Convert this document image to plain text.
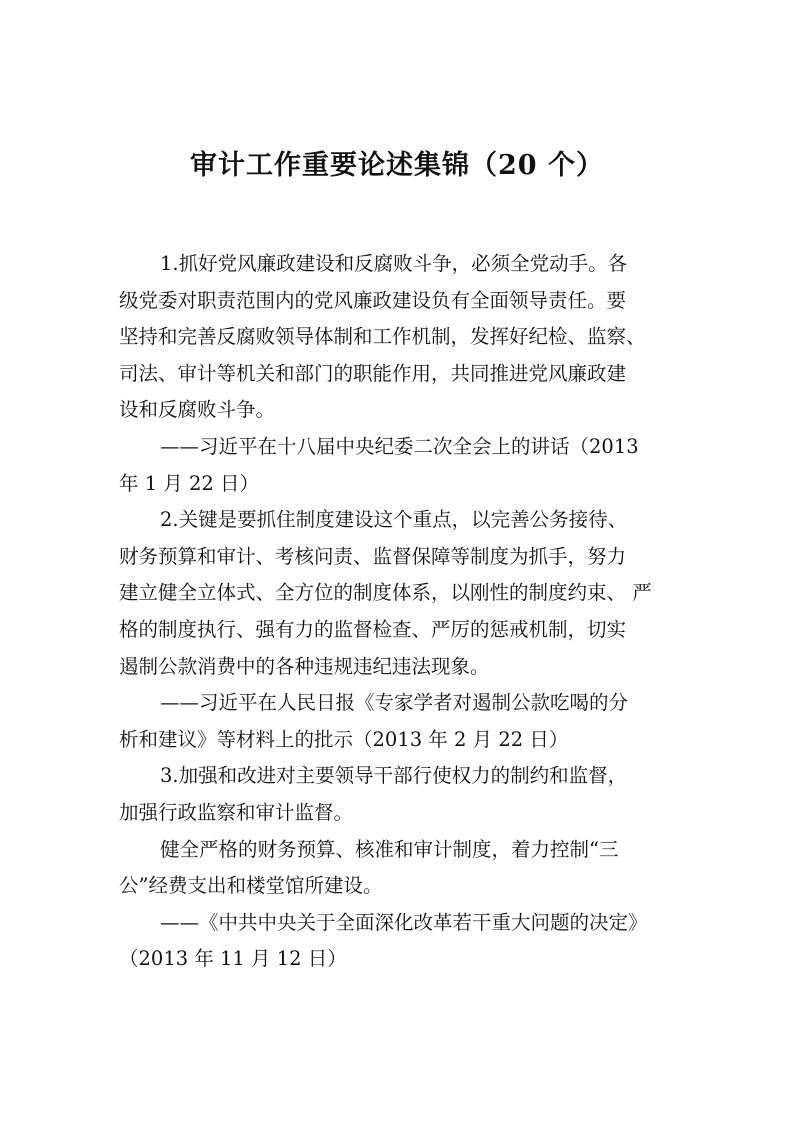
审计工作重要论述集锦（20 个）
1.抓好党风廉政建设和反腐败斗争，必须全党动手。各
级党委对职责范围内的党风廉政建设负有全面领导责任。要
坚持和完善反腐败领导体制和工作机制，发挥好纪检、监察、
司法、审计等机关和部门的职能作用，共同推进党风廉政建
设和反腐败斗争。
——习近平在十八届中央纪委二次全会上的讲话（2013
年 1 月 22 日）
2.关键是要抓住制度建设这个重点，以完善公务接待、
财务预算和审计、考核问责、监督保障等制度为抓手，努力
建立健全立体式、全方位的制度体系，以刚性的制度约束、 严
格的制度执行、强有力的监督检查、严厉的惩戒机制，切实
遏制公款消费中的各种违规违纪违法现象。
——习近平在人民日报《专家学者对遏制公款吃喝的分
析和建议》等材料上的批示（2013 年 2 月 22 日）
3.加强和改进对主要领导干部行使权力的制约和监督，
加强行政监察和审计监督。
健全严格的财务预算、核准和审计制度，着力控制“三
公”经费支出和楼堂馆所建设。
——《中共中央关于全面深化改革若干重大问题的决定》
（2013 年 11 月 12 日）
